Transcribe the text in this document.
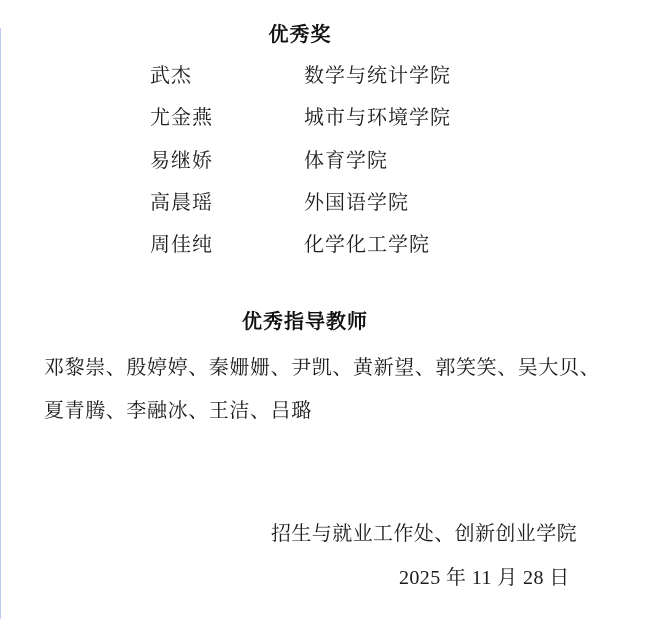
优秀奖
武杰	数学与统计学院
尤金燕	城市与环境学院
易继娇	体育学院
高晨瑶	外国语学院
周佳纯	化学化工学院
优秀指导教师
邓黎崇、殷婷婷、秦姗姗、尹凯、黄新望、郭笑笑、吴大贝、
夏青腾、李融冰、王洁、吕璐
招生与就业工作处、创新创业学院
2025 年 11 月 28 日
